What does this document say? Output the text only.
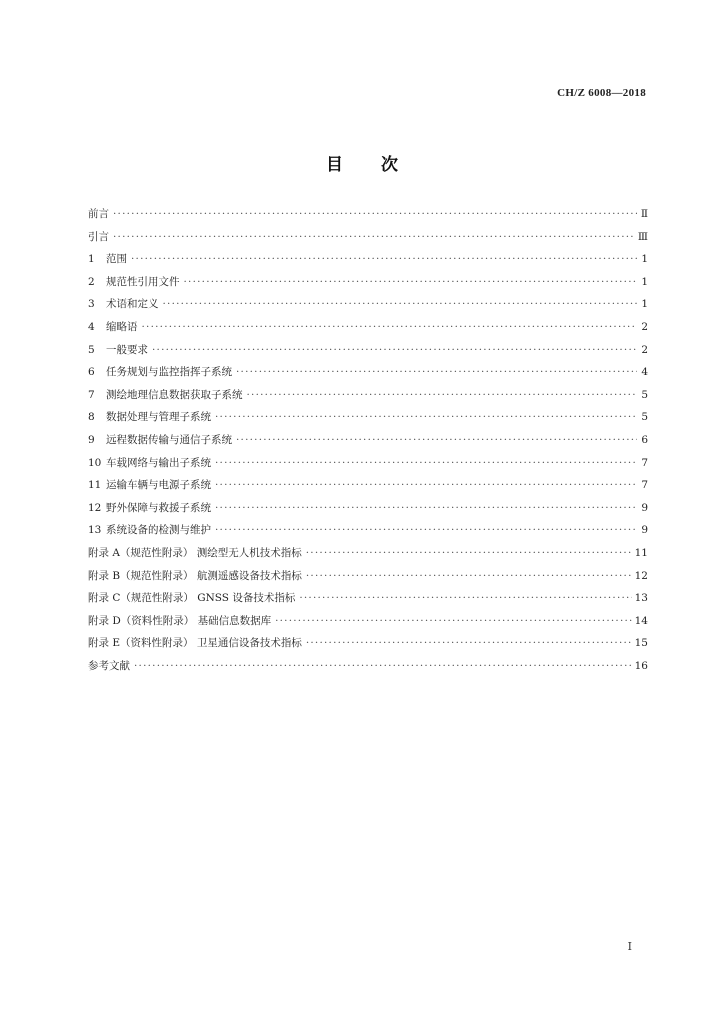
CH/Z 6008—2018
目次
前言 ·····	Ⅱ
引言 ·····	Ⅲ
1	范围 ·····	1
2	规范性引用文件 ·····	1
3	术语和定义 ·····	1
4	缩略语 ·····	2
5	一般要求 ·····	2
6	任务规划与监控指挥子系统 ·····	4
7	测绘地理信息数据获取子系统 ·····	5
8	数据处理与管理子系统 ·····	5
9	远程数据传输与通信子系统 ·····	6
10 车载网络与输出子系统 ·····	7
11 运输车辆与电源子系统 ·····	7
12 野外保障与救援子系统 ·····	9
13 系统设备的检测与维护 ·····	9
附录 A（规范性附录） 测绘型无人机技术指标 ·····	11
附录 B（规范性附录） 航测遥感设备技术指标 ·····	12
附录 C（规范性附录） GNSS 设备技术指标 ·····	13
附录 D（资料性附录） 基础信息数据库 ·····	14
附录 E（资料性附录） 卫星通信设备技术指标 ·····	15
参考文献 ·····	16
Ⅰ
